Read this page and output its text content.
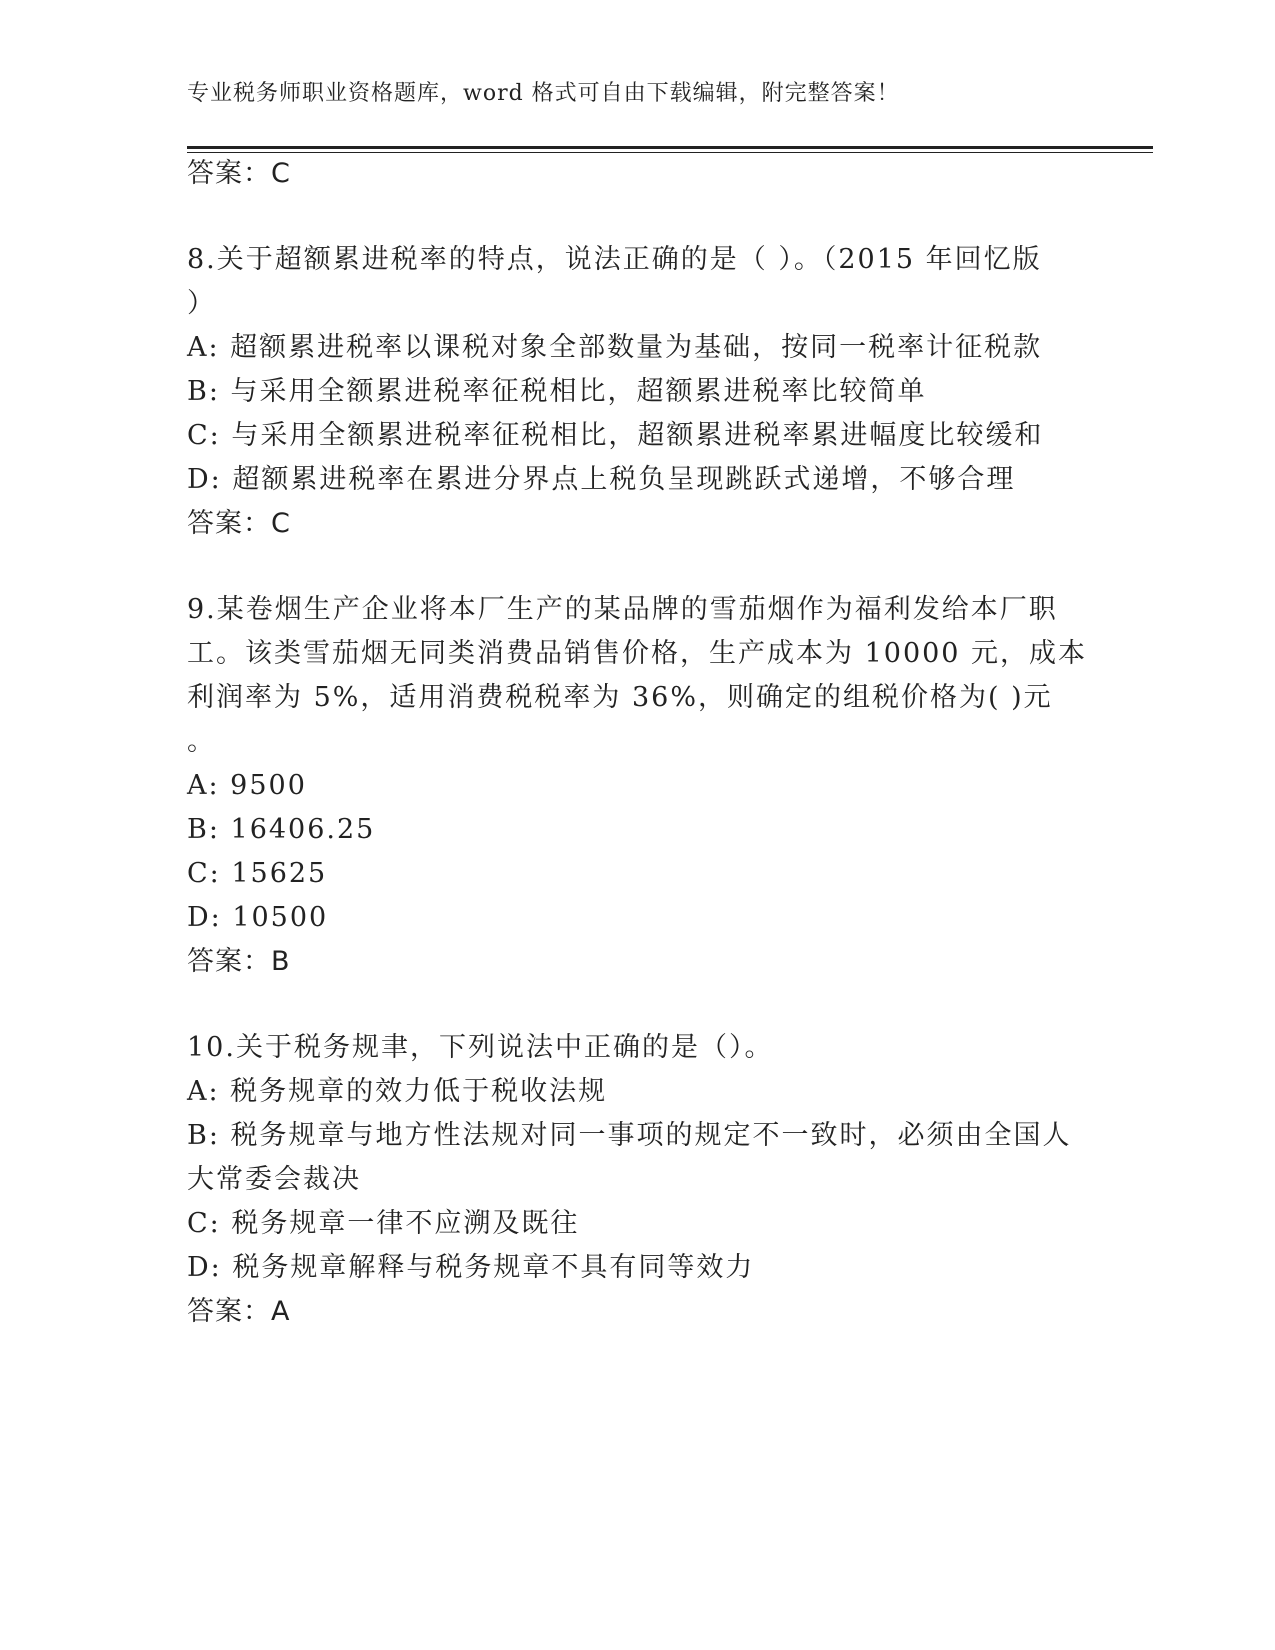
专业税务师职业资格题库，word 格式可自由下载编辑，附完整答案！
答案：C
8.关于超额累进税率的特点，说法正确的是（ ）。（2015 年回忆版
）
A: 超额累进税率以课税对象全部数量为基础，按同一税率计征税款
B: 与采用全额累进税率征税相比，超额累进税率比较简单
C: 与采用全额累进税率征税相比，超额累进税率累进幅度比较缓和
D: 超额累进税率在累进分界点上税负呈现跳跃式递增，不够合理
答案：C
9.某卷烟生产企业将本厂生产的某品牌的雪茄烟作为福利发给本厂职
工。该类雪茄烟无同类消费品销售价格，生产成本为 10000 元，成本
利润率为 5%，适用消费税税率为 36%，则确定的组税价格为( )元
。
A: 9500
B: 16406.25
C: 15625
D: 10500
答案：B
10.关于税务规聿，下列说法中正确的是（）。
A: 税务规章的效力低于税收法规
B: 税务规章与地方性法规对同一事项的规定不一致时，必须由全国人
大常委会裁决
C: 税务规章一律不应溯及既往
D: 税务规章解释与税务规章不具有同等效力
答案：A
